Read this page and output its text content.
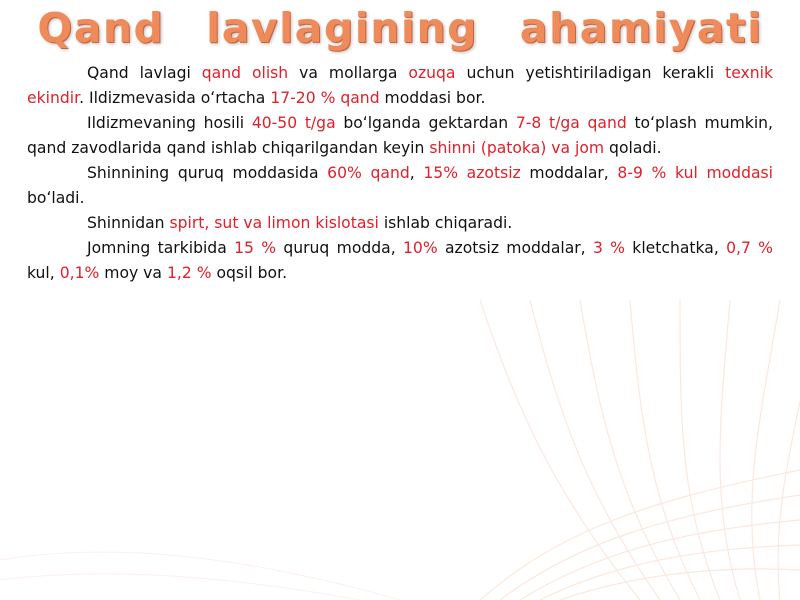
Qand lavlagining ahamiyati

Qand lavlagi qand olish va mollarga ozuqa uchun yetishtiriladigan kerakli texnik ekindir. Ildizmevasida oʻrtacha 17-20 % qand moddasi bor.

Ildizmevaning hosili 40-50 t/ga boʻlganda gektardan 7-8 t/ga qand toʻplash mumkin, qand zavodlarida qand ishlab chiqarilgandan keyin shinni (patoka) va jom qoladi.

Shinnining quruq moddasida 60% qand, 15% azotsiz moddalar, 8-9 % kul moddasi boʻladi.

Shinnidan spirt, sut va limon kislotasi ishlab chiqaradi.

Jomning tarkibida 15 % quruq modda, 10% azotsiz moddalar, 3 % kletchatka, 0,7 % kul, 0,1% moy va 1,2 % oqsil bor.
